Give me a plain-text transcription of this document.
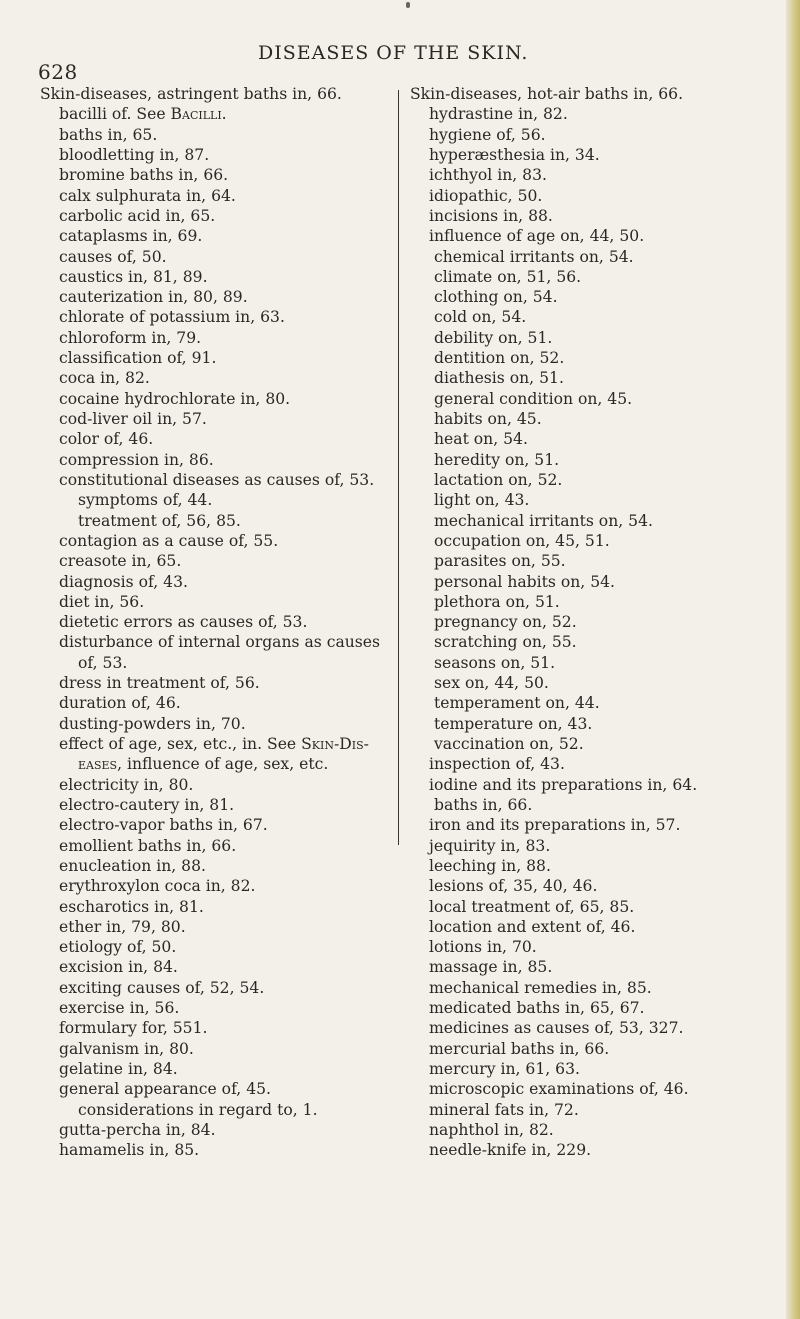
628
DISEASES OF THE SKIN.
Skin-diseases, astringent baths in, 66.
bacilli of. See Bacilli.
baths in, 65.
bloodletting in, 87.
bromine baths in, 66.
calx sulphurata in, 64.
carbolic acid in, 65.
cataplasms in, 69.
causes of, 50.
caustics in, 81, 89.
cauterization in, 80, 89.
chlorate of potassium in, 63.
chloroform in, 79.
classification of, 91.
coca in, 82.
cocaine hydrochlorate in, 80.
cod-liver oil in, 57.
color of, 46.
compression in, 86.
constitutional diseases as causes of, 53.
symptoms of, 44.
treatment of, 56, 85.
contagion as a cause of, 55.
creasote in, 65.
diagnosis of, 43.
diet in, 56.
dietetic errors as causes of, 53.
disturbance of internal organs as causes
of, 53.
dress in treatment of, 56.
duration of, 46.
dusting-powders in, 70.
effect of age, sex, etc., in. See Skin-Dis-
eases, influence of age, sex, etc.
electricity in, 80.
electro-cautery in, 81.
electro-vapor baths in, 67.
emollient baths in, 66.
enucleation in, 88.
erythroxylon coca in, 82.
escharotics in, 81.
ether in, 79, 80.
etiology of, 50.
excision in, 84.
exciting causes of, 52, 54.
exercise in, 56.
formulary for, 551.
galvanism in, 80.
gelatine in, 84.
general appearance of, 45.
considerations in regard to, 1.
gutta-percha in, 84.
hamamelis in, 85.
Skin-diseases, hot-air baths in, 66.
hydrastine in, 82.
hygiene of, 56.
hyperæsthesia in, 34.
ichthyol in, 83.
idiopathic, 50.
incisions in, 88.
influence of age on, 44, 50.
chemical irritants on, 54.
climate on, 51, 56.
clothing on, 54.
cold on, 54.
debility on, 51.
dentition on, 52.
diathesis on, 51.
general condition on, 45.
habits on, 45.
heat on, 54.
heredity on, 51.
lactation on, 52.
light on, 43.
mechanical irritants on, 54.
occupation on, 45, 51.
parasites on, 55.
personal habits on, 54.
plethora on, 51.
pregnancy on, 52.
scratching on, 55.
seasons on, 51.
sex on, 44, 50.
temperament on, 44.
temperature on, 43.
vaccination on, 52.
inspection of, 43.
iodine and its preparations in, 64.
baths in, 66.
iron and its preparations in, 57.
jequirity in, 83.
leeching in, 88.
lesions of, 35, 40, 46.
local treatment of, 65, 85.
location and extent of, 46.
lotions in, 70.
massage in, 85.
mechanical remedies in, 85.
medicated baths in, 65, 67.
medicines as causes of, 53, 327.
mercurial baths in, 66.
mercury in, 61, 63.
microscopic examinations of, 46.
mineral fats in, 72.
naphthol in, 82.
needle-knife in, 229.
